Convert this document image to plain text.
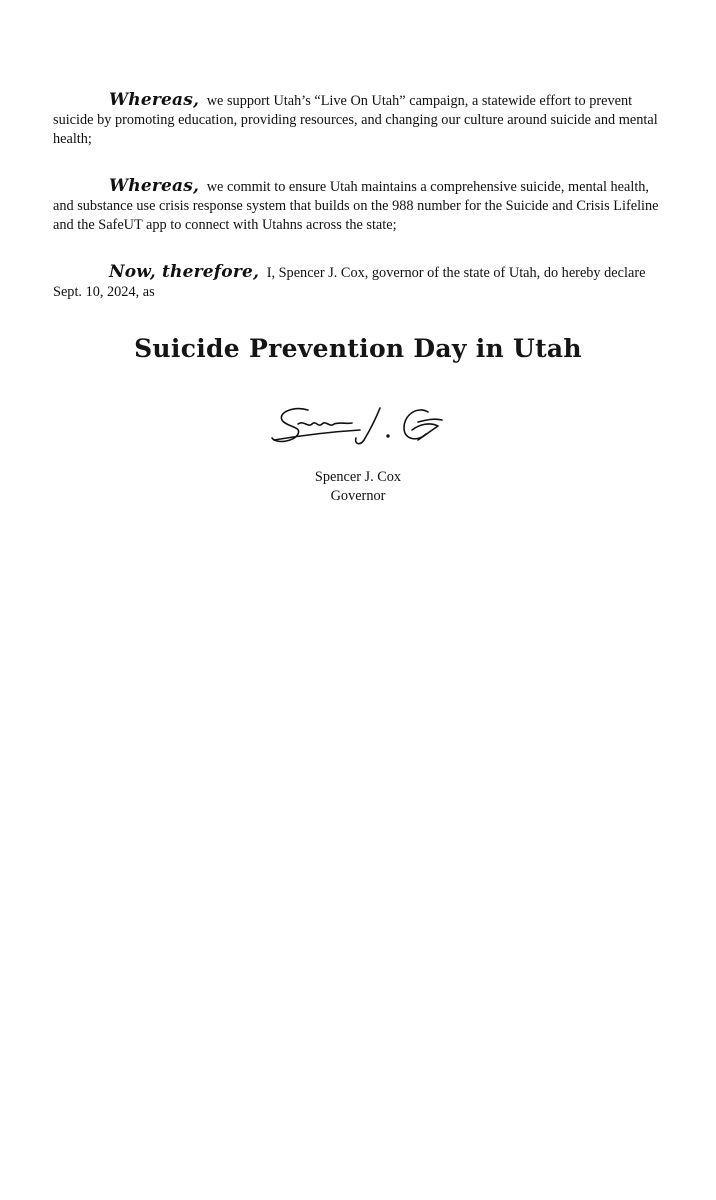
Whereas, we support Utah’s “Live On Utah” campaign, a statewide effort to prevent suicide by promoting education, providing resources, and changing our culture around suicide and mental health;

Whereas, we commit to ensure Utah maintains a comprehensive suicide, mental health, and substance use crisis response system that builds on the 988 number for the Suicide and Crisis Lifeline and the SafeUT app to connect with Utahns across the state;

Now, therefore, I, Spencer J. Cox, governor of the state of Utah, do hereby declare Sept. 10, 2024, as

Suicide Prevention Day in Utah
Spencer J. Cox
Governor
